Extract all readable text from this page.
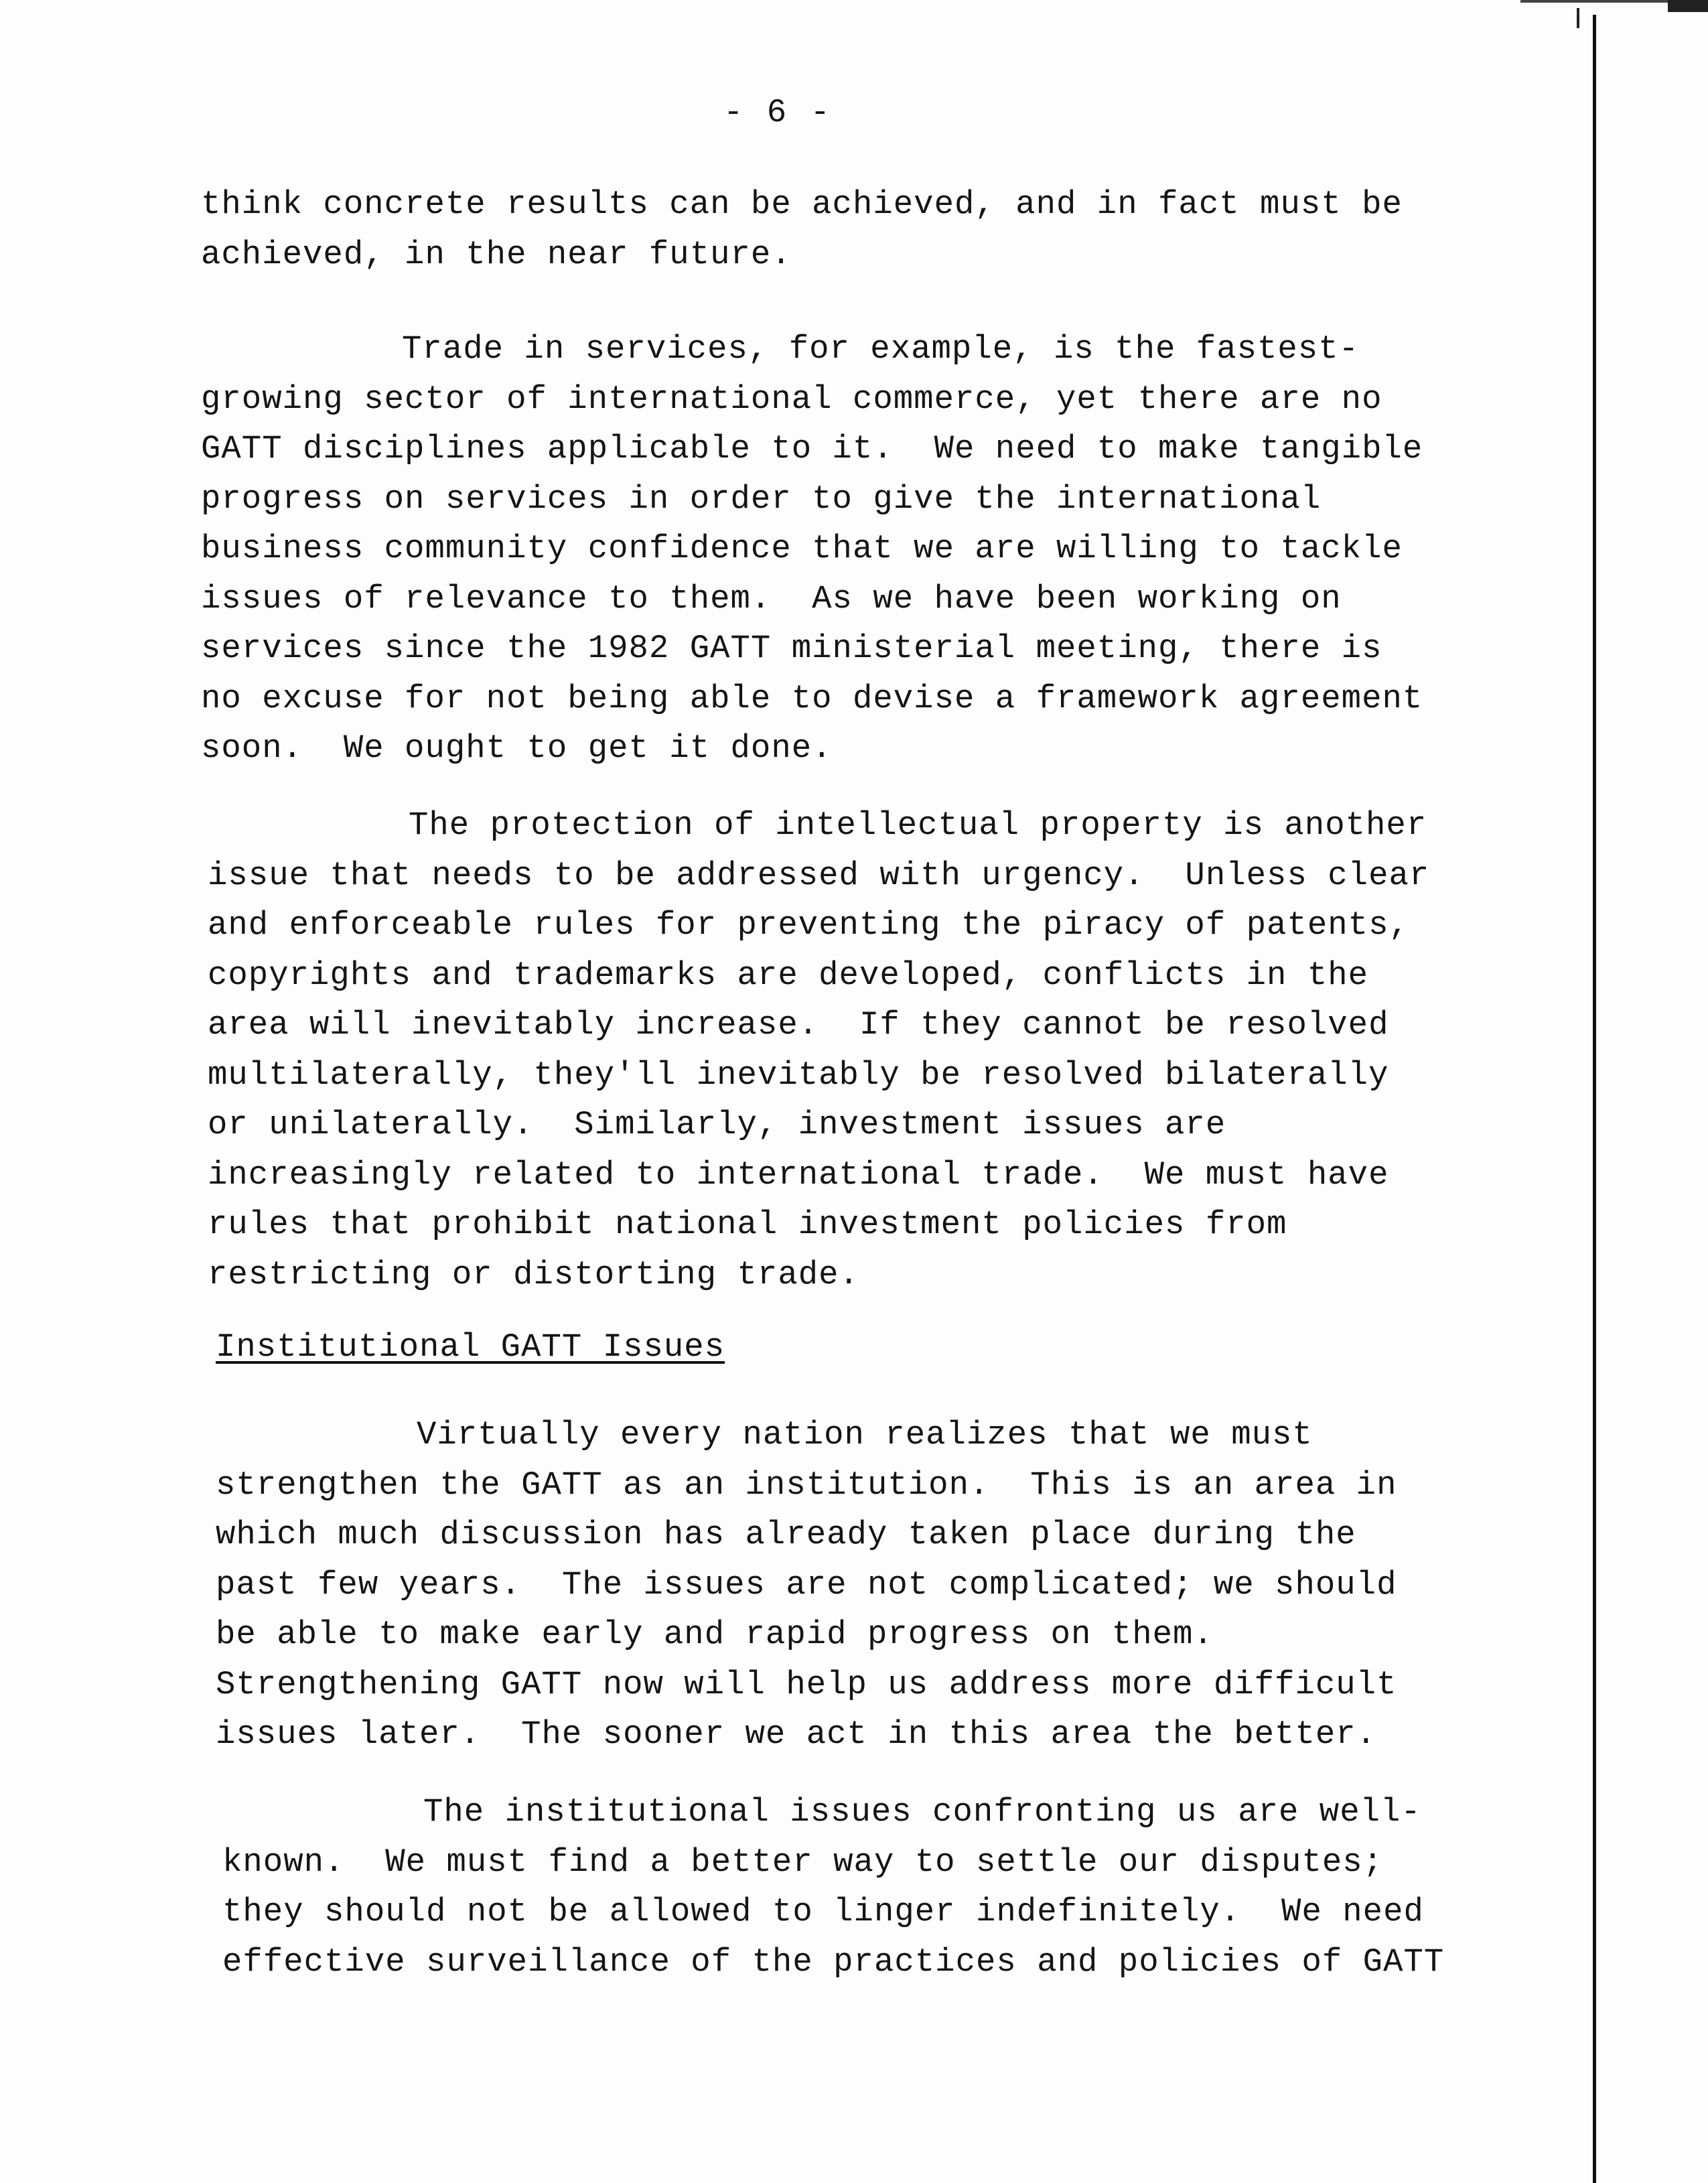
- 6 -
think concrete results can be achieved, and in fact must be
achieved, in the near future.
Trade in services, for example, is the fastest-
growing sector of international commerce, yet there are no
GATT disciplines applicable to it.  We need to make tangible
progress on services in order to give the international
business community confidence that we are willing to tackle
issues of relevance to them.  As we have been working on
services since the 1982 GATT ministerial meeting, there is
no excuse for not being able to devise a framework agreement
soon.  We ought to get it done.
The protection of intellectual property is another
issue that needs to be addressed with urgency.  Unless clear
and enforceable rules for preventing the piracy of patents,
copyrights and trademarks are developed, conflicts in the
area will inevitably increase.  If they cannot be resolved
multilaterally, they'll inevitably be resolved bilaterally
or unilaterally.  Similarly, investment issues are
increasingly related to international trade.  We must have
rules that prohibit national investment policies from
restricting or distorting trade.
Institutional GATT Issues
Virtually every nation realizes that we must
strengthen the GATT as an institution.  This is an area in
which much discussion has already taken place during the
past few years.  The issues are not complicated; we should
be able to make early and rapid progress on them.
Strengthening GATT now will help us address more difficult
issues later.  The sooner we act in this area the better.
The institutional issues confronting us are well-
known.  We must find a better way to settle our disputes;
they should not be allowed to linger indefinitely.  We need
effective surveillance of the practices and policies of GATT
